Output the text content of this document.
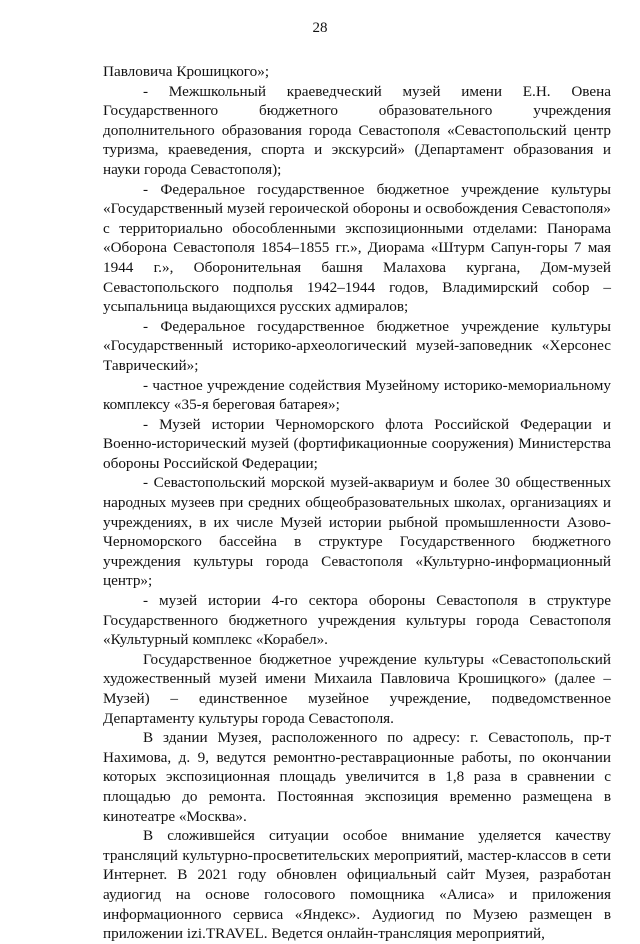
28

Павловича Крошицкого»;

- Межшкольный краеведческий музей имени Е.Н. Овена Государственного бюджетного образовательного учреждения дополнительного образования города Севастополя «Севастопольский центр туризма, краеведения, спорта и экскурсий» (Департамент образования и науки города Севастополя);

- Федеральное государственное бюджетное учреждение культуры «Государственный музей героической обороны и освобождения Севастополя» с территориально обособленными экспозиционными отделами: Панорама «Оборона Севастополя 1854–1855 гг.», Диорама «Штурм Сапун-горы 7 мая 1944 г.», Оборонительная башня Малахова кургана, Дом-музей Севастопольского подполья 1942–1944 годов, Владимирский собор – усыпальница выдающихся русских адмиралов;

- Федеральное государственное бюджетное учреждение культуры «Государственный историко-археологический музей-заповедник «Херсонес Таврический»;

- частное учреждение содействия Музейному историко-мемориальному комплексу «35-я береговая батарея»;

- Музей истории Черноморского флота Российской Федерации и Военно-исторический музей (фортификационные сооружения) Министерства обороны Российской Федерации;

- Севастопольский морской музей-аквариум и более 30 общественных народных музеев при средних общеобразовательных школах, организациях и учреждениях, в их числе Музей истории рыбной промышленности Азово-Черноморского бассейна в структуре Государственного бюджетного учреждения культуры города Севастополя «Культурно-информационный центр»;

- музей истории 4-го сектора обороны Севастополя в структуре Государственного бюджетного учреждения культуры города Севастополя «Культурный комплекс «Корабел».

Государственное бюджетное учреждение культуры «Севастопольский художественный музей имени Михаила Павловича Крошицкого» (далее – Музей) – единственное музейное учреждение, подведомственное Департаменту культуры города Севастополя.

В здании Музея, расположенного по адресу: г. Севастополь, пр-т Нахимова, д. 9, ведутся ремонтно-реставрационные работы, по окончании которых экспозиционная площадь увеличится в 1,8 раза в сравнении с площадью до ремонта. Постоянная экспозиция временно размещена в кинотеатре «Москва».

В сложившейся ситуации особое внимание уделяется качеству трансляций культурно-просветительских мероприятий, мастер-классов в сети Интернет. В 2021 году обновлен официальный сайт Музея, разработан аудиогид на основе голосового помощника «Алиса» и приложения информационного сервиса «Яндекс». Аудиогид по Музею размещен в приложении izi.TRAVEL. Ведется онлайн-трансляция мероприятий,
